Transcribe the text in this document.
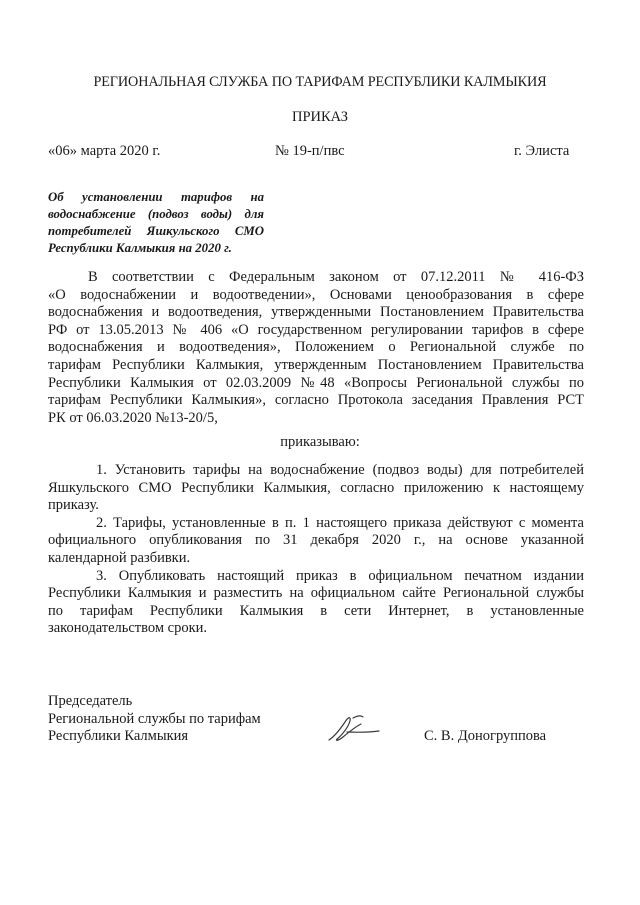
РЕГИОНАЛЬНАЯ СЛУЖБА ПО ТАРИФАМ РЕСПУБЛИКИ КАЛМЫКИЯ
ПРИКАЗ
«06» марта 2020 г.	№ 19-п/пвс	г. Элиста
Об установлении тарифов на
водоснабжение (подвоз воды) для
потребителей Яшкульского СМО
Республики Калмыкия на 2020 г.
В соответствии с Федеральным законом от 07.12.2011 № 416-ФЗ
«О водоснабжении и водоотведении», Основами ценообразования в сфере
водоснабжения и водоотведения, утвержденными Постановлением Правительства
РФ от 13.05.2013 № 406 «О государственном регулировании тарифов в сфере
водоснабжения и водоотведения», Положением о Региональной службе по
тарифам Республики Калмыкия, утвержденным Постановлением Правительства
Республики Калмыкия от 02.03.2009 №48 «Вопросы Региональной службы по
тарифам Республики Калмыкия», согласно Протокола заседания Правления РСТ
РК от 06.03.2020 №13-20/5,
приказываю:
1. Установить тарифы на водоснабжение (подвоз воды) для потребителей
Яшкульского СМО Республики Калмыкия, согласно приложению к настоящему
приказу.
2. Тарифы, установленные в п. 1 настоящего приказа действуют с момента
официального опубликования по 31 декабря 2020 г., на основе указанной
календарной разбивки.
3. Опубликовать настоящий приказ в официальном печатном издании
Республики Калмыкия и разместить на официальном сайте Региональной службы
по тарифам Республики Калмыкия в сети Интернет, в установленные
законодательством сроки.
Председатель
Региональной службы по тарифам
Республики Калмыкия	С. В. Доногруппова
